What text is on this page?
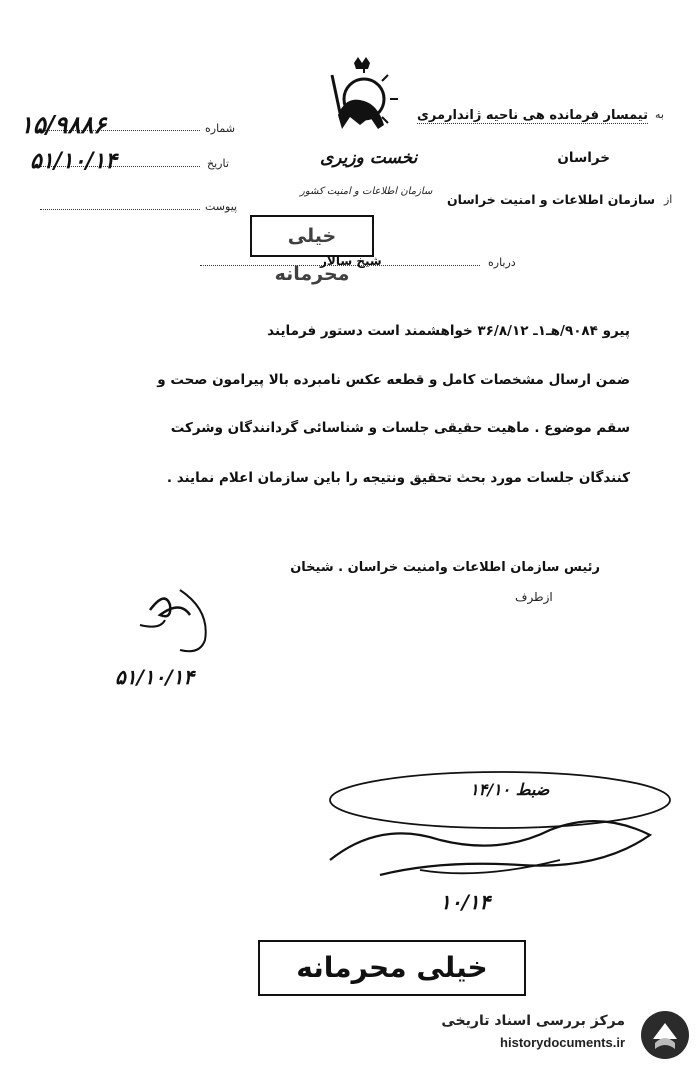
شماره
۱۵/۹۸۸۶
تاریخ
۵۱/۱۰/۱۴
پیوست
به
تیمسار فرمانده هی ناحیه ژاندارمری
نخست وزیری	خراسان
از
سازمان اطلاعات و امنیت خراسان
سازمان اطلاعات و امنیت کشور
خیلی محرمانه
درباره
شیخ سالار
پیرو ۹۰۸۴/هـ۱ـ ۳۶/۸/۱۲ خواهشمند است دستور فرمایند
ضمن ارسال مشخصات کامل و قطعه عکس نامبرده بالا پیرامون صحت و
سقم موضوع . ماهیت حقیقی جلسات و شناسائی گردانندگان وشرکت
کنندگان جلسات مورد بحث تحقیق ونتیجه را باین سازمان اعلام نمایند .
رئیس سازمان اطلاعات وامنیت خراسان . شیخان
ازطرف
۵۱/۱۰/۱۴
ضبط ۱۴/۱۰
۱۰/۱۴
خیلی محرمانه
مرکز بررسی اسناد تاریخی
historydocuments.ir
